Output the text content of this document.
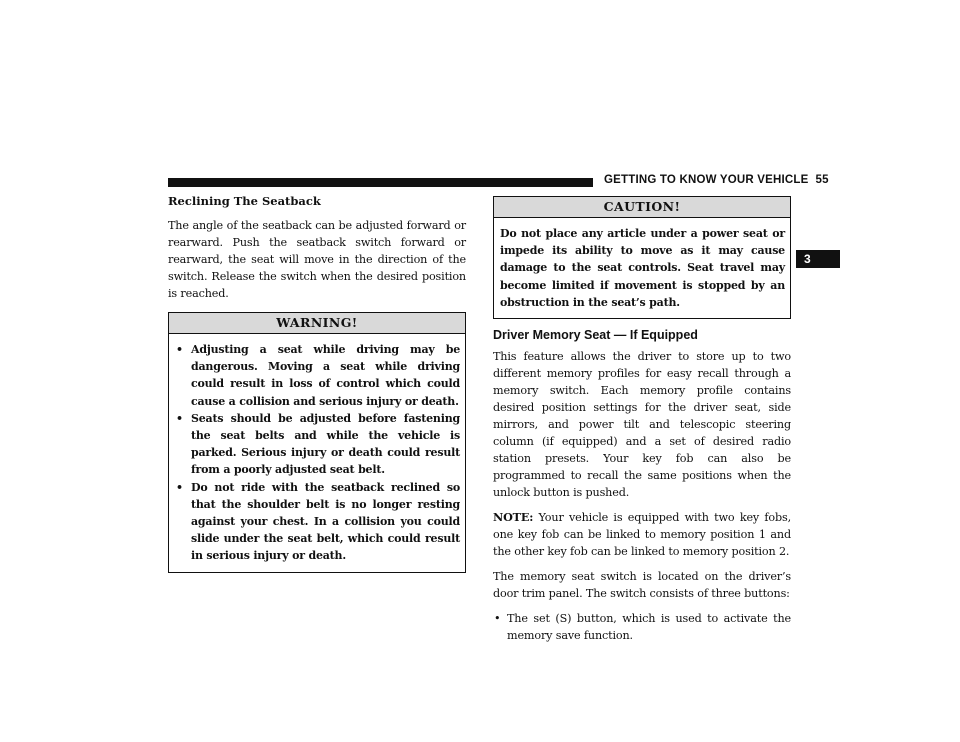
GETTING TO KNOW YOUR VEHICLE 55
3
Reclining The Seatback

The angle of the seatback can be adjusted forward or rearward. Push the seatback switch forward or rearward, the seat will move in the direction of the switch. Release the switch when the desired position is reached.

WARNING!
• Adjusting a seat while driving may be dangerous. Moving a seat while driving could result in loss of control which could cause a collision and serious injury or death.
• Seats should be adjusted before fastening the seat belts and while the vehicle is parked. Serious injury or death could result from a poorly adjusted seat belt.
• Do not ride with the seatback reclined so that the shoulder belt is no longer resting against your chest. In a collision you could slide under the seat belt, which could result in serious injury or death.
CAUTION!
Do not place any article under a power seat or impede its ability to move as it may cause damage to the seat controls. Seat travel may become limited if movement is stopped by an obstruction in the seat’s path.
Driver Memory Seat — If Equipped

This feature allows the driver to store up to two different memory profiles for easy recall through a memory switch. Each memory profile contains desired position settings for the driver seat, side mirrors, and power tilt and telescopic steering column (if equipped) and a set of desired radio station presets. Your key fob can also be programmed to recall the same positions when the unlock button is pushed.

NOTE: Your vehicle is equipped with two key fobs, one key fob can be linked to memory position 1 and the other key fob can be linked to memory position 2.

The memory seat switch is located on the driver’s door trim panel. The switch consists of three buttons:

• The set (S) button, which is used to activate the memory save function.
